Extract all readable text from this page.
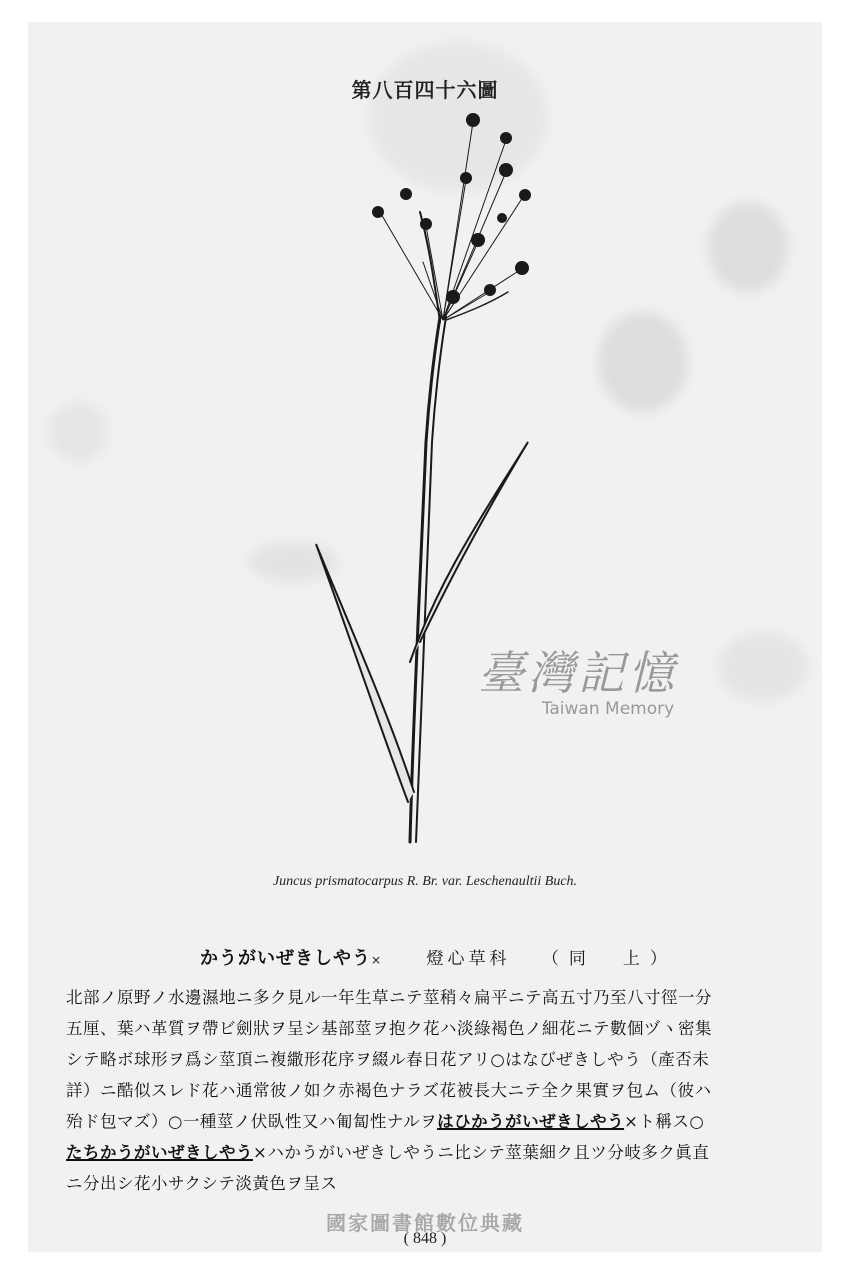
第八百四十六圖
臺灣記憶
Taiwan Memory
Juncus prismatocarpus R. Br. var. Leschenaultii Buch.
かうがいぜきしやう×	燈心草科 （同　上）
北部ノ原野ノ水邊濕地ニ多ク見ル一年生草ニテ莖稍々扁平ニテ高五寸乃至八寸徑一分
五厘、葉ハ革質ヲ帶ビ劍狀ヲ呈シ基部莖ヲ抱ク花ハ淡綠褐色ノ細花ニテ數個ヅヽ密集
シテ略ボ球形ヲ爲シ莖頂ニ複繖形花序ヲ綴ル春日花アリ○はなびぜきしやう（產否未
詳）ニ酷似スレド花ハ通常彼ノ如ク赤褐色ナラズ花被長大ニテ全ク果實ヲ包ム（彼ハ
殆ド包マズ）○一種莖ノ伏臥性又ハ匍匐性ナルヲはひかうがいぜきしやう×ト稱ス○
たちかうがいぜきしやう×ハかうがいぜきしやうニ比シテ莖葉細ク且ツ分岐多ク眞直
ニ分出シ花小サクシテ淡黃色ヲ呈ス
國家圖書館數位典藏
( 848 )
